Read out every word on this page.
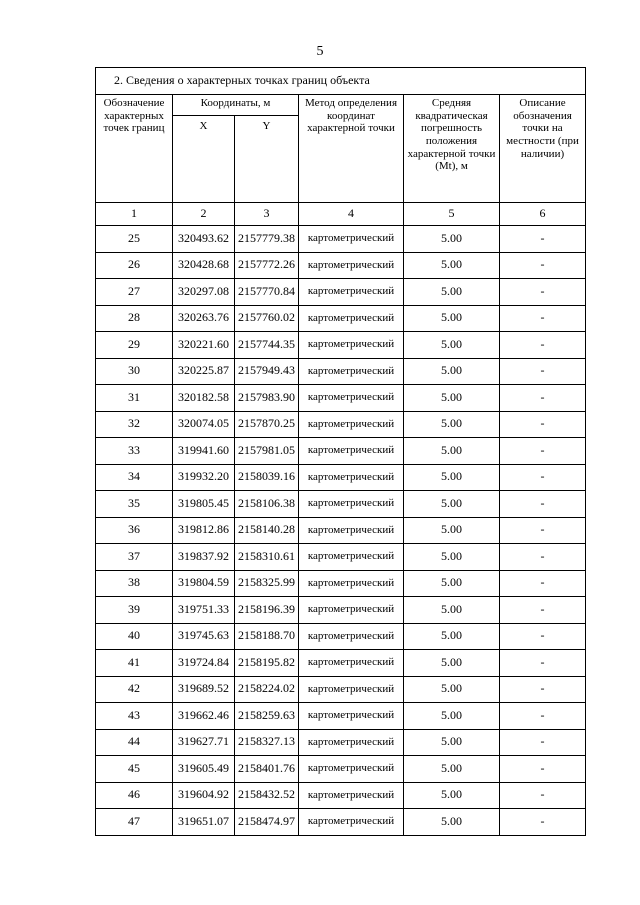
5
2. Сведения о характерных точках границ объекта					
Обозначение характерных точек границ	Координаты, м		Метод определения координат характерной точки	Средняя квадратическая погрешность положения характерной точки (Mt), м	Описание обозначения точки на местности (при наличии)
	X	Y			
1	2	3	4	5	6
25	320493.62	2157779.38	картометрический	5.00	-
26	320428.68	2157772.26	картометрический	5.00	-
27	320297.08	2157770.84	картометрический	5.00	-
28	320263.76	2157760.02	картометрический	5.00	-
29	320221.60	2157744.35	картометрический	5.00	-
30	320225.87	2157949.43	картометрический	5.00	-
31	320182.58	2157983.90	картометрический	5.00	-
32	320074.05	2157870.25	картометрический	5.00	-
33	319941.60	2157981.05	картометрический	5.00	-
34	319932.20	2158039.16	картометрический	5.00	-
35	319805.45	2158106.38	картометрический	5.00	-
36	319812.86	2158140.28	картометрический	5.00	-
37	319837.92	2158310.61	картометрический	5.00	-
38	319804.59	2158325.99	картометрический	5.00	-
39	319751.33	2158196.39	картометрический	5.00	-
40	319745.63	2158188.70	картометрический	5.00	-
41	319724.84	2158195.82	картометрический	5.00	-
42	319689.52	2158224.02	картометрический	5.00	-
43	319662.46	2158259.63	картометрический	5.00	-
44	319627.71	2158327.13	картометрический	5.00	-
45	319605.49	2158401.76	картометрический	5.00	-
46	319604.92	2158432.52	картометрический	5.00	-
47	319651.07	2158474.97	картометрический	5.00	-
